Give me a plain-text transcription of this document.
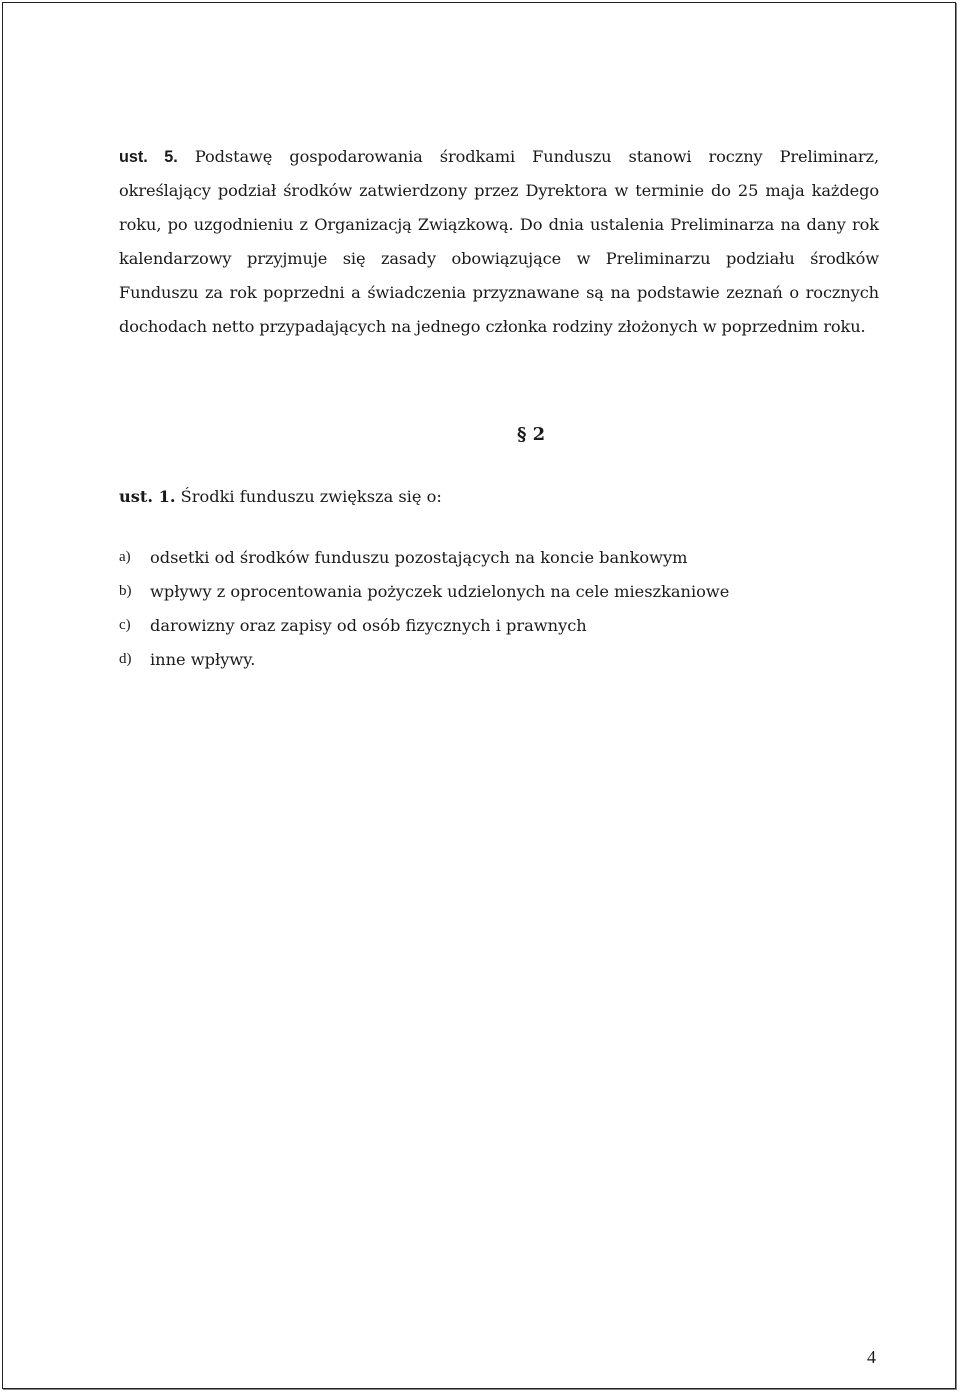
ust. 5. Podstawę gospodarowania środkami Funduszu stanowi roczny Preliminarz, określający podział środków zatwierdzony przez Dyrektora w terminie do 25 maja każdego roku, po uzgodnieniu z Organizacją Związkową. Do dnia ustalenia Preliminarza na dany rok kalendarzowy przyjmuje się zasady obowiązujące w Preliminarzu podziału środków Funduszu za rok poprzedni a świadczenia przyznawane są na podstawie zeznań o rocznych dochodach netto przypadających na jednego członka rodziny złożonych w poprzednim roku.
§ 2
ust. 1. Środki funduszu zwiększa się o:
a)	odsetki od środków funduszu pozostających na koncie bankowym
b)	wpływy z oprocentowania pożyczek udzielonych na cele mieszkaniowe
c)	darowizny oraz zapisy od osób fizycznych i prawnych
d)	inne wpływy.
4
